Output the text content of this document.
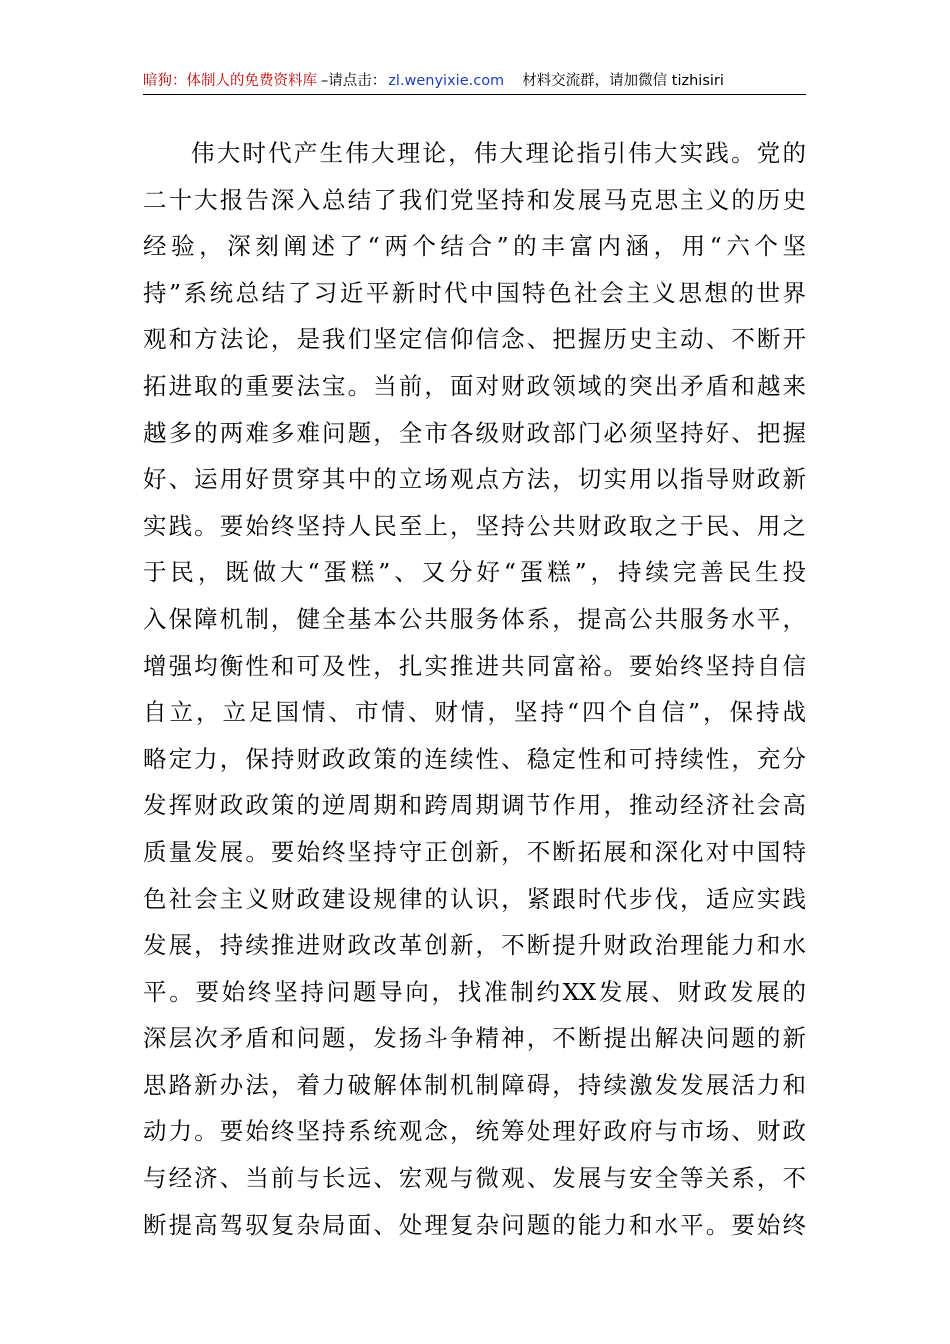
暗狗：体制人的免费资料库 –请点击： zl.wenyixie.com 材料交流群，请加微信 tizhisiri
伟大时代产生伟大理论，伟大理论指引伟大实践。党的
二十大报告深入总结了我们党坚持和发展马克思主义的历史
经验，深刻阐述了“两个结合”的丰富内涵，用“六个坚
持”系统总结了习近平新时代中国特色社会主义思想的世界
观和方法论，是我们坚定信仰信念、把握历史主动、不断开
拓进取的重要法宝。当前，面对财政领域的突出矛盾和越来
越多的两难多难问题，全市各级财政部门必须坚持好、把握
好、运用好贯穿其中的立场观点方法，切实用以指导财政新
实践。要始终坚持人民至上，坚持公共财政取之于民、用之
于民，既做大“蛋糕”、又分好“蛋糕”，持续完善民生投
入保障机制，健全基本公共服务体系，提高公共服务水平，
增强均衡性和可及性，扎实推进共同富裕。要始终坚持自信
自立，立足国情、市情、财情，坚持“四个自信”，保持战
略定力，保持财政政策的连续性、稳定性和可持续性，充分
发挥财政政策的逆周期和跨周期调节作用，推动经济社会高
质量发展。要始终坚持守正创新，不断拓展和深化对中国特
色社会主义财政建设规律的认识，紧跟时代步伐，适应实践
发展，持续推进财政改革创新，不断提升财政治理能力和水
平。要始终坚持问题导向，找准制约XX发展、财政发展的
深层次矛盾和问题，发扬斗争精神，不断提出解决问题的新
思路新办法，着力破解体制机制障碍，持续激发发展活力和
动力。要始终坚持系统观念，统筹处理好政府与市场、财政
与经济、当前与长远、宏观与微观、发展与安全等关系，不
断提高驾驭复杂局面、处理复杂问题的能力和水平。要始终
